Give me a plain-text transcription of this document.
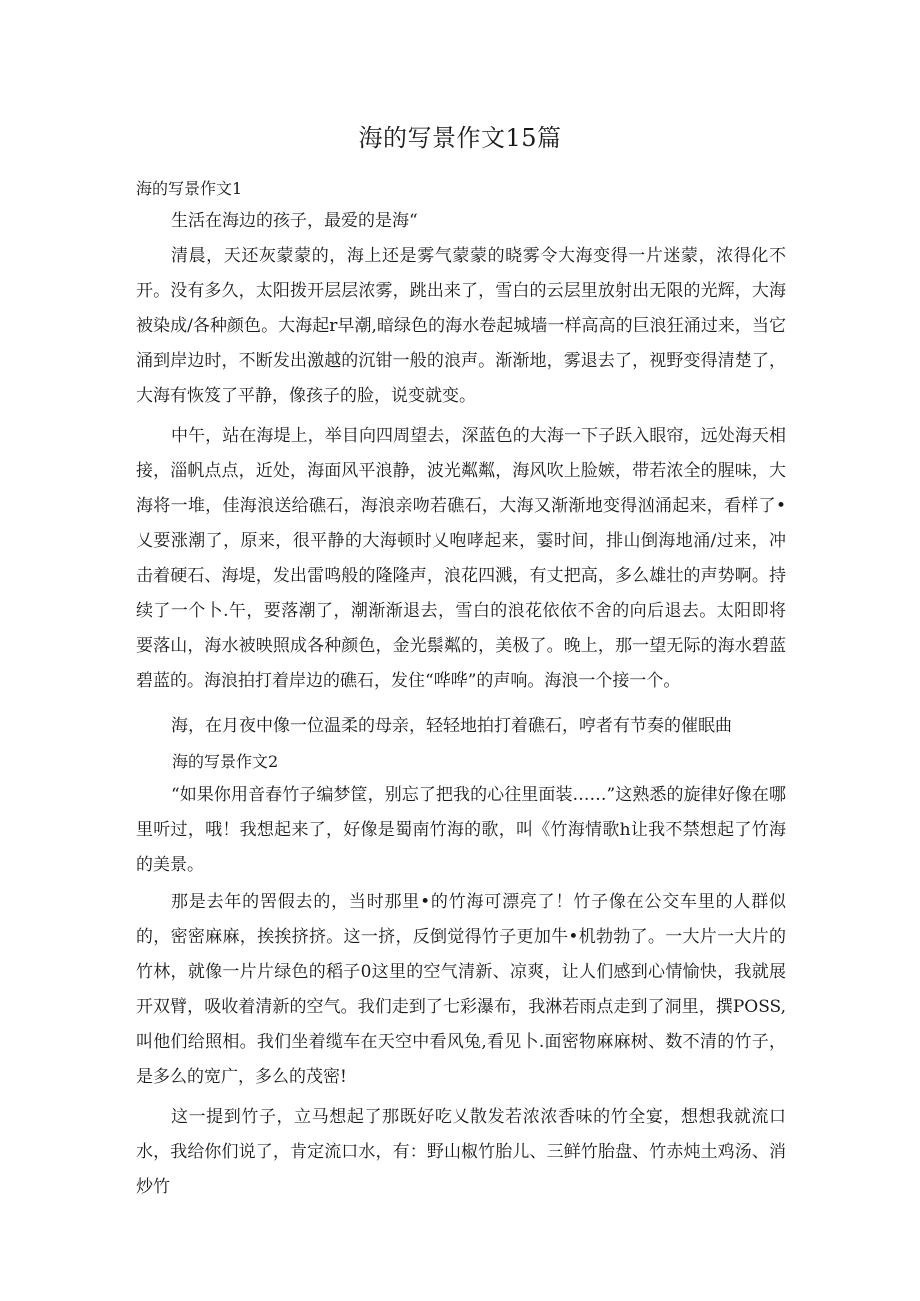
海的写景作文15篇

海的写景作文1

生活在海边的孩子，最爱的是海“

清晨，天还灰蒙蒙的，海上还是雾气蒙蒙的晓雾令大海变得一片迷蒙，浓得化不开。没有多久，太阳拨开层层浓雾，跳出来了，雪白的云层里放射出无限的光辉，大海被染成/各种颜色。大海起r早潮,暗绿色的海水卷起城墙一样高高的巨浪狂涌过来，当它涌到岸边时，不断发出激越的沉钳一般的浪声。渐渐地，雾退去了，视野变得清楚了，大海有恢笈了平静，像孩子的脸，说变就变。

中午，站在海堤上，举目向四周望去，深蓝色的大海一下子跃入眼帘，远处海天相接，淄帆点点，近处，海面风平浪静，波光粼粼，海风吹上脸嫉，带若浓全的腥味，大海将一堆，佳海浪送给礁石，海浪亲吻若礁石，大海又渐渐地变得汹涌起来，看样了•乂要涨潮了，原来，很平静的大海顿时乂咆哮起来，霎时间，排山倒海地涌/过来，冲击着硬石、海堤，发出雷鸣般的隆隆声，浪花四溅，有丈把高，多么雄壮的声势啊。持续了一个卜.午，要落潮了，潮渐渐退去，雪白的浪花依依不舍的向后退去。太阳即将要落山，海水被映照成各种颜色，金光鬃粼的，美极了。晚上，那一望无际的海水碧蓝碧蓝的。海浪拍打着岸边的礁石，发住“哗哗”的声响。海浪一个接一个。

海，在月夜中像一位温柔的母亲，轻轻地拍打着礁石，哼者有节奏的催眠曲

海的写景作文2

“如果你用音春竹子编梦筐，别忘了把我的心往里面装……”这熟悉的旋律好像在哪里听过，哦！我想起来了，好像是蜀南竹海的歌，叫《竹海情歌h让我不禁想起了竹海的美景。

那是去年的罟假去的，当时那里•的竹海可漂亮了！竹子像在公交车里的人群似的，密密麻麻，挨挨挤挤。这一挤，反倒觉得竹子更加牛•机勃勃了。一大片一大片的竹林，就像一片片绿色的稻子0这里的空气清新、凉爽，让人们感到心情愉快，我就展开双臂，吸收着清新的空气。我们走到了七彩瀑布，我淋若雨点走到了洞里，撰POSS,叫他们给照相。我们坐着缆车在天空中看风兔,看见卜.面密物麻麻树、数不清的竹子，是多么的宽广，多么的茂密!

这一提到竹子，立马想起了那既好吃乂散发若浓浓香味的竹全宴，想想我就流口水，我给你们说了，肯定流口水，有：野山椒竹胎儿、三鲜竹胎盘、竹赤炖土鸡汤、消炒竹
